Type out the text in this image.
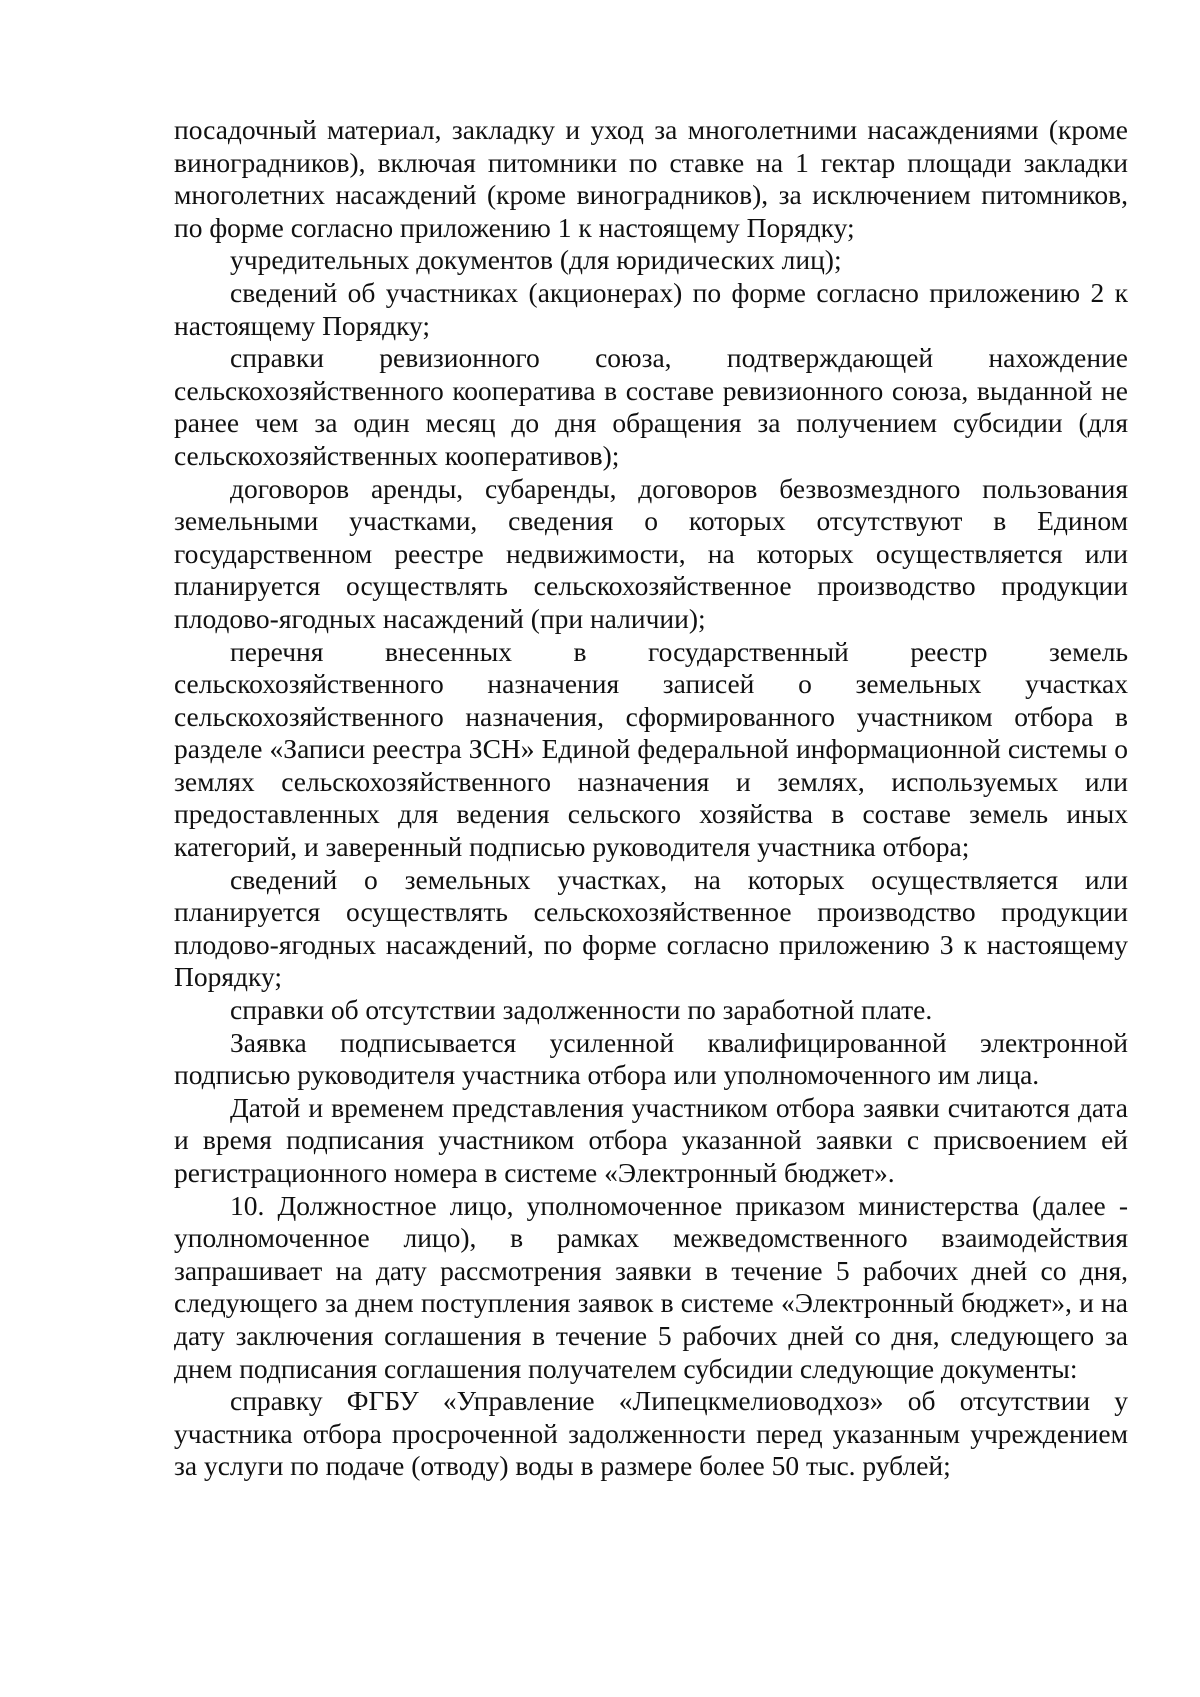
посадочный материал, закладку и уход за многолетними насаждениями (кроме виноградников), включая питомники по ставке на 1 гектар площади закладки многолетних насаждений (кроме виноградников), за исключением питомников, по форме согласно приложению 1 к настоящему Порядку;

учредительных документов (для юридических лиц);

сведений об участниках (акционерах) по форме согласно приложению 2 к настоящему Порядку;

справки ревизионного союза, подтверждающей нахождение сельскохозяйственного кооператива в составе ревизионного союза, выданной не ранее чем за один месяц до дня обращения за получением субсидии (для сельскохозяйственных кооперативов);

договоров аренды, субаренды, договоров безвозмездного пользования земельными участками, сведения о которых отсутствуют в Едином государственном реестре недвижимости, на которых осуществляется или планируется осуществлять сельскохозяйственное производство продукции плодово-ягодных насаждений (при наличии);

перечня внесенных в государственный реестр земель сельскохозяйственного назначения записей о земельных участках сельскохозяйственного назначения, сформированного участником отбора в разделе «Записи реестра ЗСН» Единой федеральной информационной системы о землях сельскохозяйственного назначения и землях, используемых или предоставленных для ведения сельского хозяйства в составе земель иных категорий, и заверенный подписью руководителя участника отбора;

сведений о земельных участках, на которых осуществляется или планируется осуществлять сельскохозяйственное производство продукции плодово-ягодных насаждений, по форме согласно приложению 3 к настоящему Порядку;

справки об отсутствии задолженности по заработной плате.

Заявка подписывается усиленной квалифицированной электронной подписью руководителя участника отбора или уполномоченного им лица.

Датой и временем представления участником отбора заявки считаются дата и время подписания участником отбора указанной заявки с присвоением ей регистрационного номера в системе «Электронный бюджет».

10. Должностное лицо, уполномоченное приказом министерства (далее - уполномоченное лицо), в рамках межведомственного взаимодействия запрашивает на дату рассмотрения заявки в течение 5 рабочих дней со дня, следующего за днем поступления заявок в системе «Электронный бюджет», и на дату заключения соглашения в течение 5 рабочих дней со дня, следующего за днем подписания соглашения получателем субсидии следующие документы:

справку ФГБУ «Управление «Липецкмелиоводхоз» об отсутствии у участника отбора просроченной задолженности перед указанным учреждением за услуги по подаче (отводу) воды в размере более 50 тыс. рублей;
